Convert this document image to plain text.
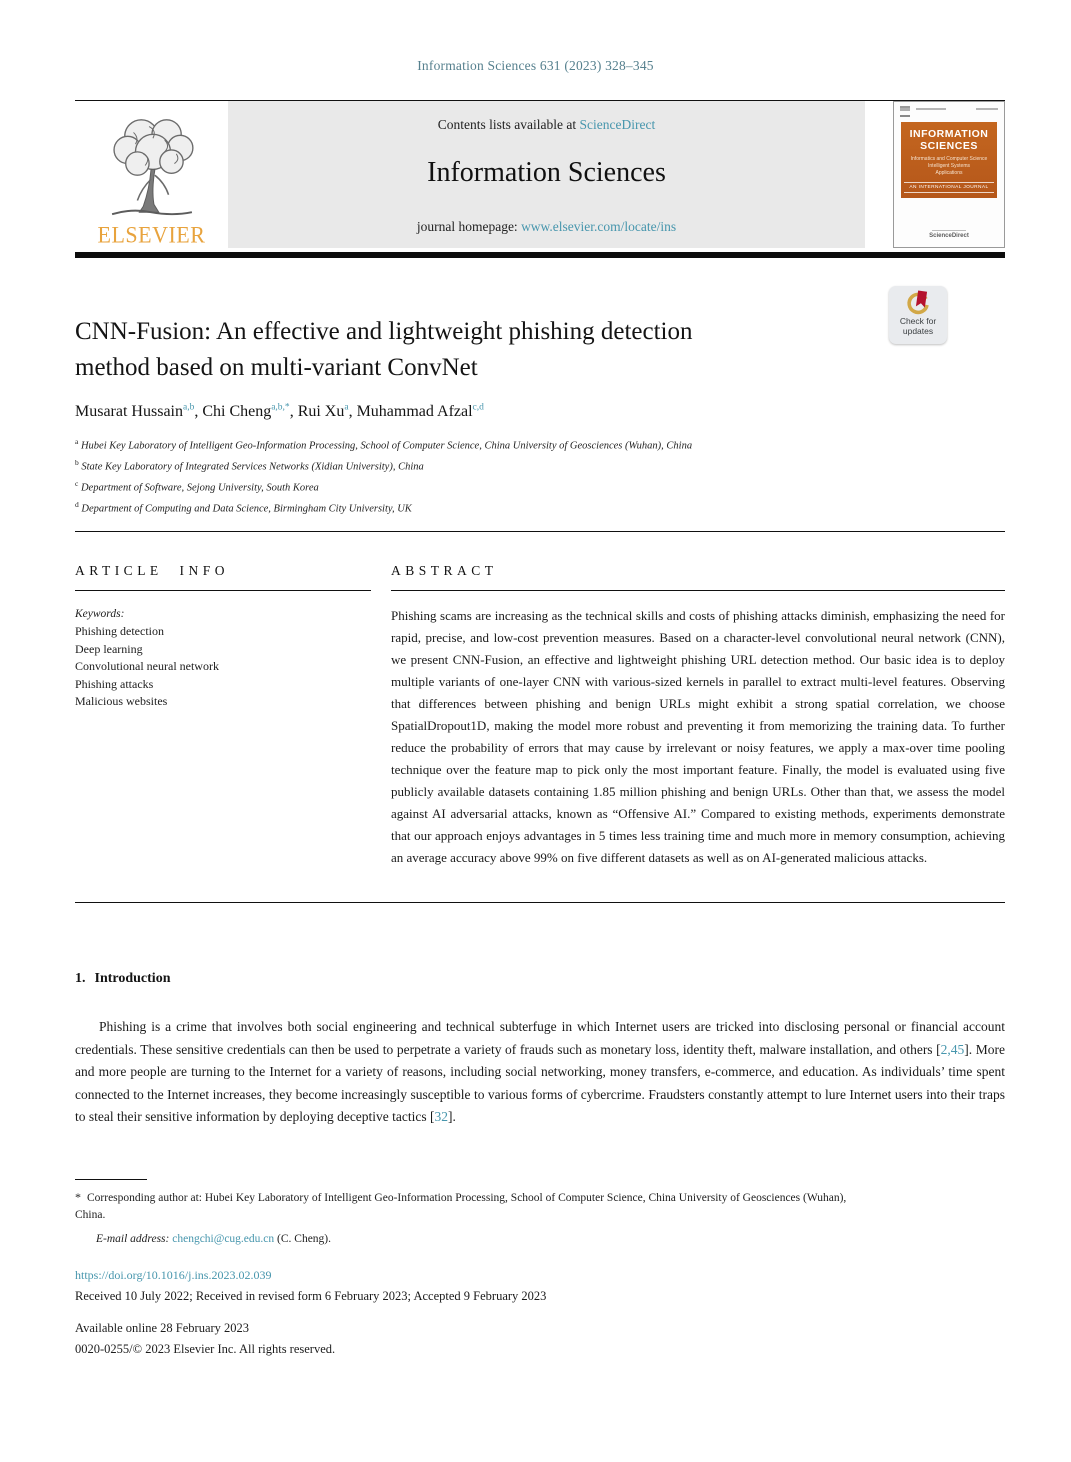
Information Sciences 631 (2023) 328–345
ELSEVIER
Contents lists available at ScienceDirect
Information Sciences
journal homepage: www.elsevier.com/locate/ins
INFORMATION
SCIENCES
Informatics and Computer Science
Intelligent Systems
Applications
AN INTERNATIONAL JOURNAL
ScienceDirect
Check for
updates
CNN-Fusion: An effective and lightweight phishing detection
method based on multi-variant ConvNet
Musarat Hussain$^{a,b}$, Chi Cheng$^{a,b,*}$, Rui Xu$^a$, Muhammad Afzal$^{c,d}$
$^a$ Hubei Key Laboratory of Intelligent Geo-Information Processing, School of Computer Science, China University of Geosciences (Wuhan), China
$^b$ State Key Laboratory of Integrated Services Networks (Xidian University), China
$^c$ Department of Software, Sejong University, South Korea
$^d$ Department of Computing and Data Science, Birmingham City University, UK
ARTICLE INFO
Keywords:
Phishing detection
Deep learning
Convolutional neural network
Phishing attacks
Malicious websites
ABSTRACT

Phishing scams are increasing as the technical skills and costs of phishing attacks diminish, emphasizing the need for rapid, precise, and low-cost prevention measures. Based on a character-level convolutional neural network (CNN), we present CNN-Fusion, an effective and lightweight phishing URL detection method. Our basic idea is to deploy multiple variants of one-layer CNN with various-sized kernels in parallel to extract multi-level features. Observing that differences between phishing and benign URLs might exhibit a strong spatial correlation, we choose SpatialDropout1D, making the model more robust and preventing it from memorizing the training data. To further reduce the probability of errors that may cause by irrelevant or noisy features, we apply a max-over time pooling technique over the feature map to pick only the most important feature. Finally, the model is evaluated using five publicly available datasets containing 1.85 million phishing and benign URLs. Other than that, we assess the model against AI adversarial attacks, known as “Offensive AI.” Compared to existing methods, experiments demonstrate that our approach enjoys advantages in 5 times less training time and much more in memory consumption, achieving an average accuracy above 99% on five different datasets as well as on AI-generated malicious attacks.

1. Introduction

Phishing is a crime that involves both social engineering and technical subterfuge in which Internet users are tricked into disclosing personal or financial account credentials. These sensitive credentials can then be used to perpetrate a variety of frauds such as monetary loss, identity theft, malware installation, and others [2,45]. More and more people are turning to the Internet for a variety of reasons, including social networking, money transfers, e-commerce, and education. As individuals’ time spent connected to the Internet increases, they become increasingly susceptible to various forms of cybercrime. Fraudsters constantly attempt to lure Internet users into their traps to steal their sensitive information by deploying deceptive tactics [32].

* Corresponding author at: Hubei Key Laboratory of Intelligent Geo-Information Processing, School of Computer Science, China University of Geosciences (Wuhan),
China.
E-mail address: chengchi@cug.edu.cn (C. Cheng).
https://doi.org/10.1016/j.ins.2023.02.039
Received 10 July 2022; Received in revised form 6 February 2023; Accepted 9 February 2023
Available online 28 February 2023
0020-0255/© 2023 Elsevier Inc. All rights reserved.
